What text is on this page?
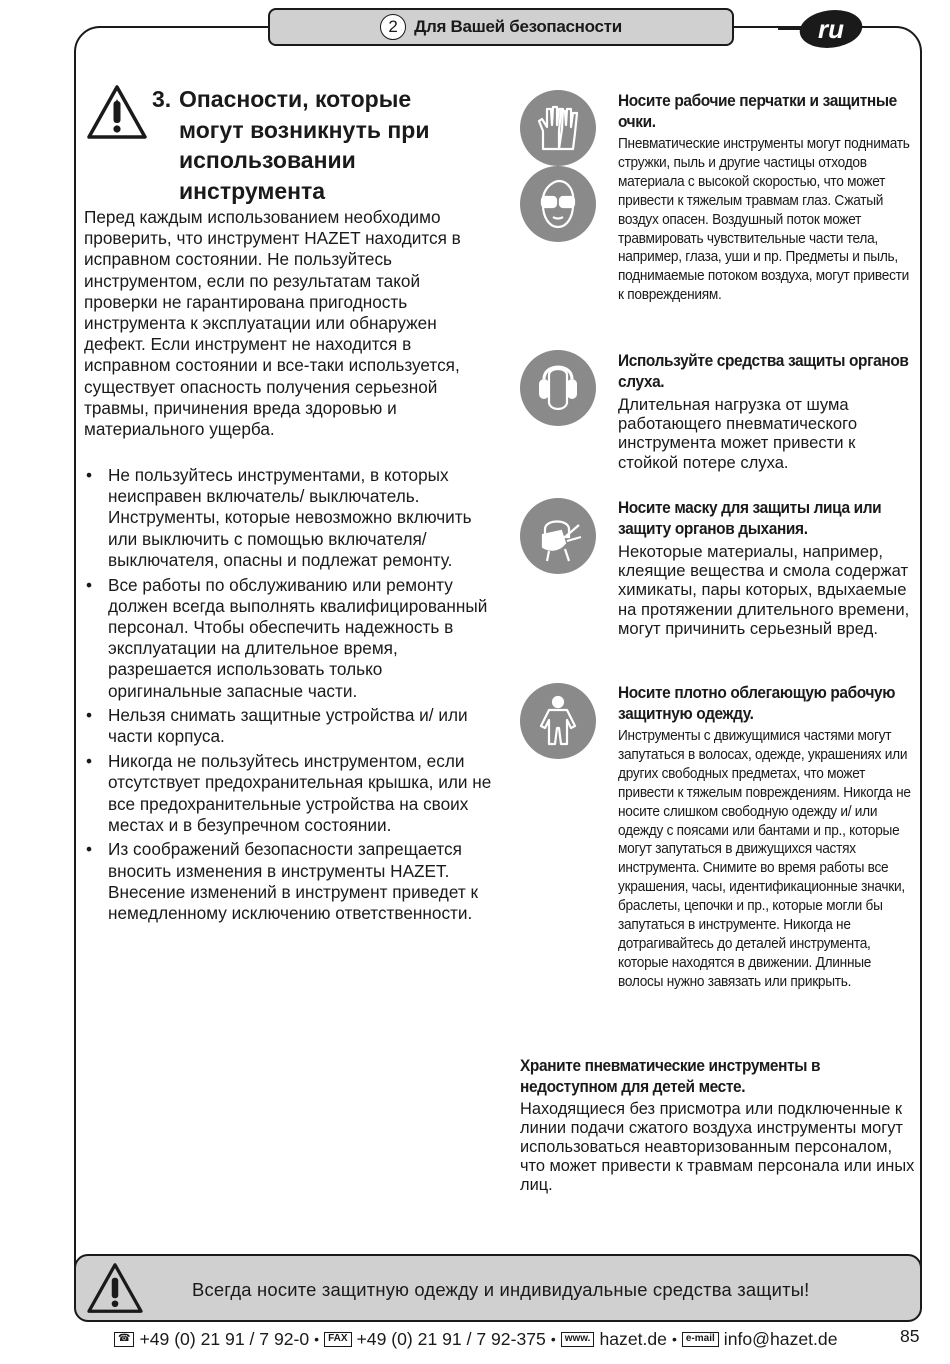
2 Для Вашей безопасности	ru
3. Опасности, которые
могут возникнуть при
использовании
инструмента

Перед каждым использованием необходимо проверить, что инструмент HAZET находится в исправном состоянии. Не пользуйтесь инструментом, если по результатам такой проверки не гарантирована пригодность инструмента к эксплуатации или обнаружен дефект. Если инструмент не находится в исправном состоянии и все-таки используется, существует опасность получения серьезной травмы, причинения вреда здоровью и материального ущерба.

• Не пользуйтесь инструментами, в которых неисправен включатель/ выключатель. Инструменты, которые невозможно включить или выключить с помощью включателя/выключателя, опасны и подлежат ремонту.
• Все работы по обслуживанию или ремонту должен всегда выполнять квалифицированный персонал. Чтобы обеспечить надежность в эксплуатации на длительное время, разрешается использовать только оригинальные запасные части.
• Нельзя снимать защитные устройства и/ или части корпуса.
• Никогда не пользуйтесь инструментом, если отсутствует предохранительная крышка, или не все предохранительные устройства на своих местах и в безупречном состоянии.
• Из соображений безопасности запрещается вносить изменения в инструменты HAZET. Внесение изменений в инструмент приведет к немедленному исключению ответственности.
Носите рабочие перчатки и защитные очки.
Пневматические инструменты могут поднимать стружки, пыль и другие частицы отходов материала с высокой скоростью, что может привести к тяжелым травмам глаз. Сжатый воздух опасен. Воздушный поток может травмировать чувствительные части тела, например, глаза, уши и пр. Предметы и пыль, поднимаемые потоком воздуха, могут привести к повреждениям.
Используйте средства защиты органов слуха.
Длительная нагрузка от шума работающего пневматического инструмента может привести к стойкой потере слуха.
Носите маску для защиты лица или защиту органов дыхания.
Некоторые материалы, например, клеящие вещества и смола содержат химикаты, пары которых, вдыхаемые на протяжении длительного времени, могут причинить серьезный вред.
Носите плотно облегающую рабочую защитную одежду.
Инструменты с движущимися частями могут запутаться в волосах, одежде, украшениях или других свободных предметах, что может привести к тяжелым повреждениям. Никогда не носите слишком свободную одежду и/ или одежду с поясами или бантами и пр., которые могут запутаться в движущихся частях инструмента. Снимите во время работы все украшения, часы, идентификационные значки, браслеты, цепочки и пр., которые могли бы запутаться в инструменте. Никогда не дотрагивайтесь до деталей инструмента, которые находятся в движении. Длинные волосы нужно завязать или прикрыть.
Храните пневматические инструменты в недоступном для детей месте.
Находящиеся без присмотра или подключенные к линии подачи сжатого воздуха инструменты могут использоваться неавторизованным персоналом, что может привести к травмам персонала или иных лиц.
Всегда носите защитную одежду и индивидуальные средства защиты!
☎ +49 (0) 21 91 / 7 92-0 • FAX +49 (0) 21 91 / 7 92-375 • www. hazet.de • e-mail info@hazet.de	85
